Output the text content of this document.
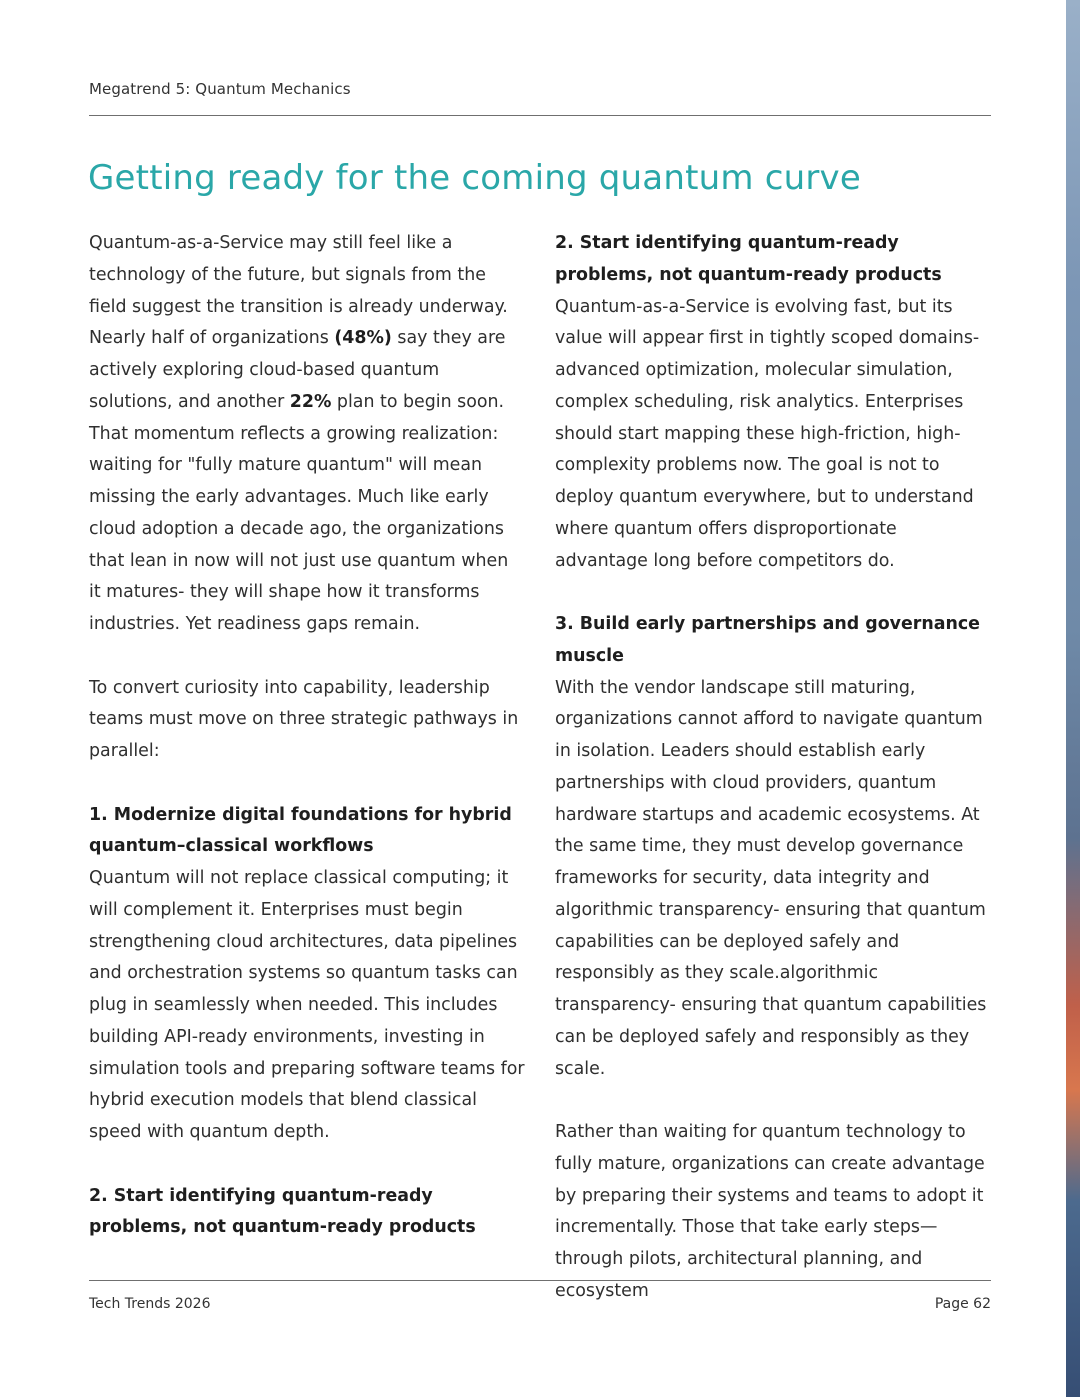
Megatrend 5: Quantum Mechanics
Getting ready for the coming quantum curve

Quantum-as-a-Service may still feel like a technology of the future, but signals from the field suggest the transition is already underway. Nearly half of organizations (48%) say they are actively exploring cloud-based quantum solutions, and another 22% plan to begin soon. That momentum reflects a growing realization: waiting for "fully mature quantum" will mean missing the early advantages. Much like early cloud adoption a decade ago, the organizations that lean in now will not just use quantum when it matures- they will shape how it transforms industries. Yet readiness gaps remain.

To convert curiosity into capability, leadership teams must move on three strategic pathways in parallel:

1. Modernize digital foundations for hybrid quantum–classical workflows

Quantum will not replace classical computing; it will complement it. Enterprises must begin strengthening cloud architectures, data pipelines and orchestration systems so quantum tasks can plug in seamlessly when needed. This includes building API-ready environments, investing in simulation tools and preparing software teams for hybrid execution models that blend classical speed with quantum depth.

2. Start identifying quantum-ready problems, not quantum-ready products

2. Start identifying quantum-ready problems, not quantum-ready products

Quantum-as-a-Service is evolving fast, but its value will appear first in tightly scoped domains- advanced optimization, molecular simulation, complex scheduling, risk analytics. Enterprises should start mapping these high-friction, high-complexity problems now. The goal is not to deploy quantum everywhere, but to understand where quantum offers disproportionate advantage long before competitors do.

3. Build early partnerships and governance muscle

With the vendor landscape still maturing, organizations cannot afford to navigate quantum in isolation. Leaders should establish early partnerships with cloud providers, quantum hardware startups and academic ecosystems. At the same time, they must develop governance frameworks for security, data integrity and algorithmic transparency- ensuring that quantum capabilities can be deployed safely and responsibly as they scale.algorithmic transparency- ensuring that quantum capabilities can be deployed safely and responsibly as they scale.

Rather than waiting for quantum technology to fully mature, organizations can create advantage by preparing their systems and teams to adopt it incrementally. Those that take early steps—through pilots, architectural planning, and ecosystem

Tech Trends 2026	Page 62
